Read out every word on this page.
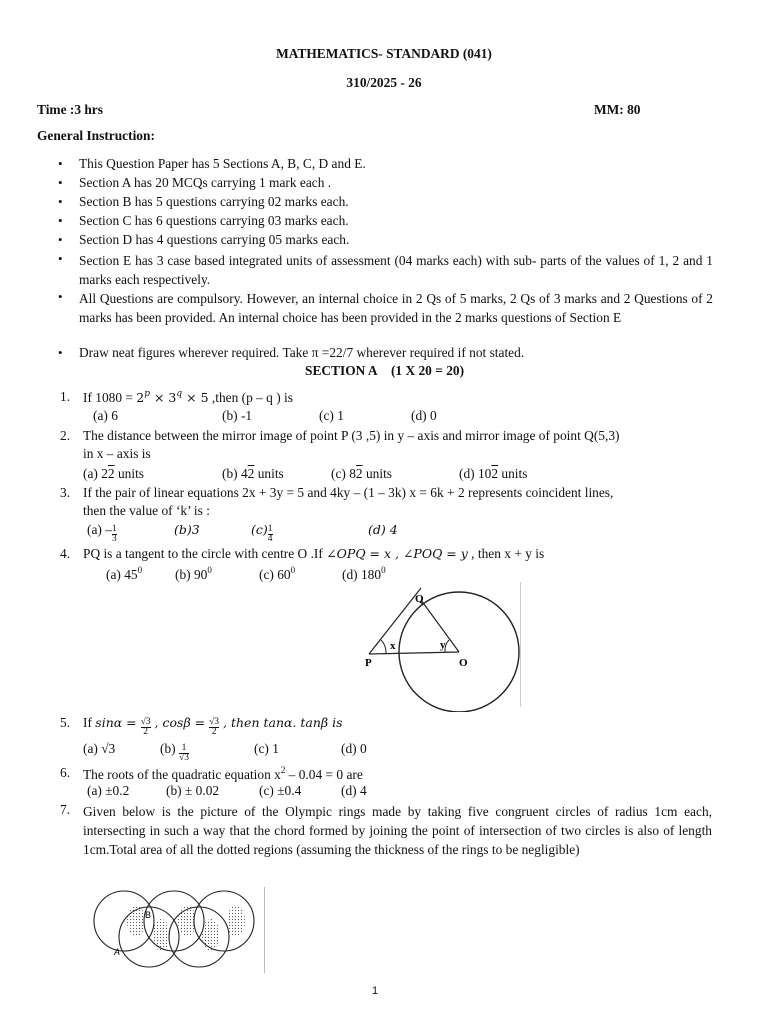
MATHEMATICS- STANDARD (041)
310/2025 - 26
Time :3 hrs	MM: 80
General Instruction:
• This Question Paper has 5 Sections A, B, C, D and E.
• Section A has 20 MCQs carrying 1 mark each .
• Section B has 5 questions carrying 02 marks each.
• Section C has 6 questions carrying 03 marks each.
• Section D has 4 questions carrying 05 marks each.
• Section E has 3 case based integrated units of assessment (04 marks each) with sub- parts of the values of 1, 2 and 1 marks each respectively.
• All Questions are compulsory. However, an internal choice in 2 Qs of 5 marks, 2 Qs of 3 marks and 2 Questions of 2 marks has been provided. An internal choice has been provided in the 2 marks questions of Section E
• Draw neat figures wherever required. Take π =22/7 wherever required if not stated.
SECTION A (1 X 20 = 20)
1. If $1080 = 2^p \times 3^q \times 5$ ,then (p – q ) is
(a) 6	(b) -1	(c) 1	(d) 0
2. The distance between the mirror image of point P (3 ,5) in y – axis and mirror image of point Q(5,3)
in x – axis is
(a) 22 units	(b) 42 units	(c) 82 units	(d) 102 units
3. If the pair of linear equations 2x + 3y = 5 and 4ky – (1 – 3k) x = 6k + 2 represents coincident lines,
then the value of ‘k’ is :
$(a) - \frac{1}{3}$	(b)3	$(c) \frac{1}{4}$	(d) 4
4. PQ is a tangent to the circle with centre O .If ∠OPQ = x , ∠POQ = y , then x + y is
(a) $45^0$ (b) $90^0$	(c) $60^0$	(d) $180^0$
Q
P	O
x	y
5. If $\sin\alpha = \frac{√3}{2}$ , $\cos\beta = \frac{√3}{2}$ , then tanα. tanβ is
(a) √3	$(b) \frac{1}{√3}$	(c) 1	(d) 0
6. The roots of the quadratic equation $x^2 - 0.04 = 0$ are
(a) ±0.2	(b) ± 0.02	(c) ±0.4	(d) 4
7. Given below is the picture of the Olympic rings made by taking five congruent circles of radius 1cm each, intersecting in such a way that the chord formed by joining the point of intersection of two circles is also of length 1cm.Total area of all the dotted regions (assuming the thickness of the rings to be negligible)
B
A
1
